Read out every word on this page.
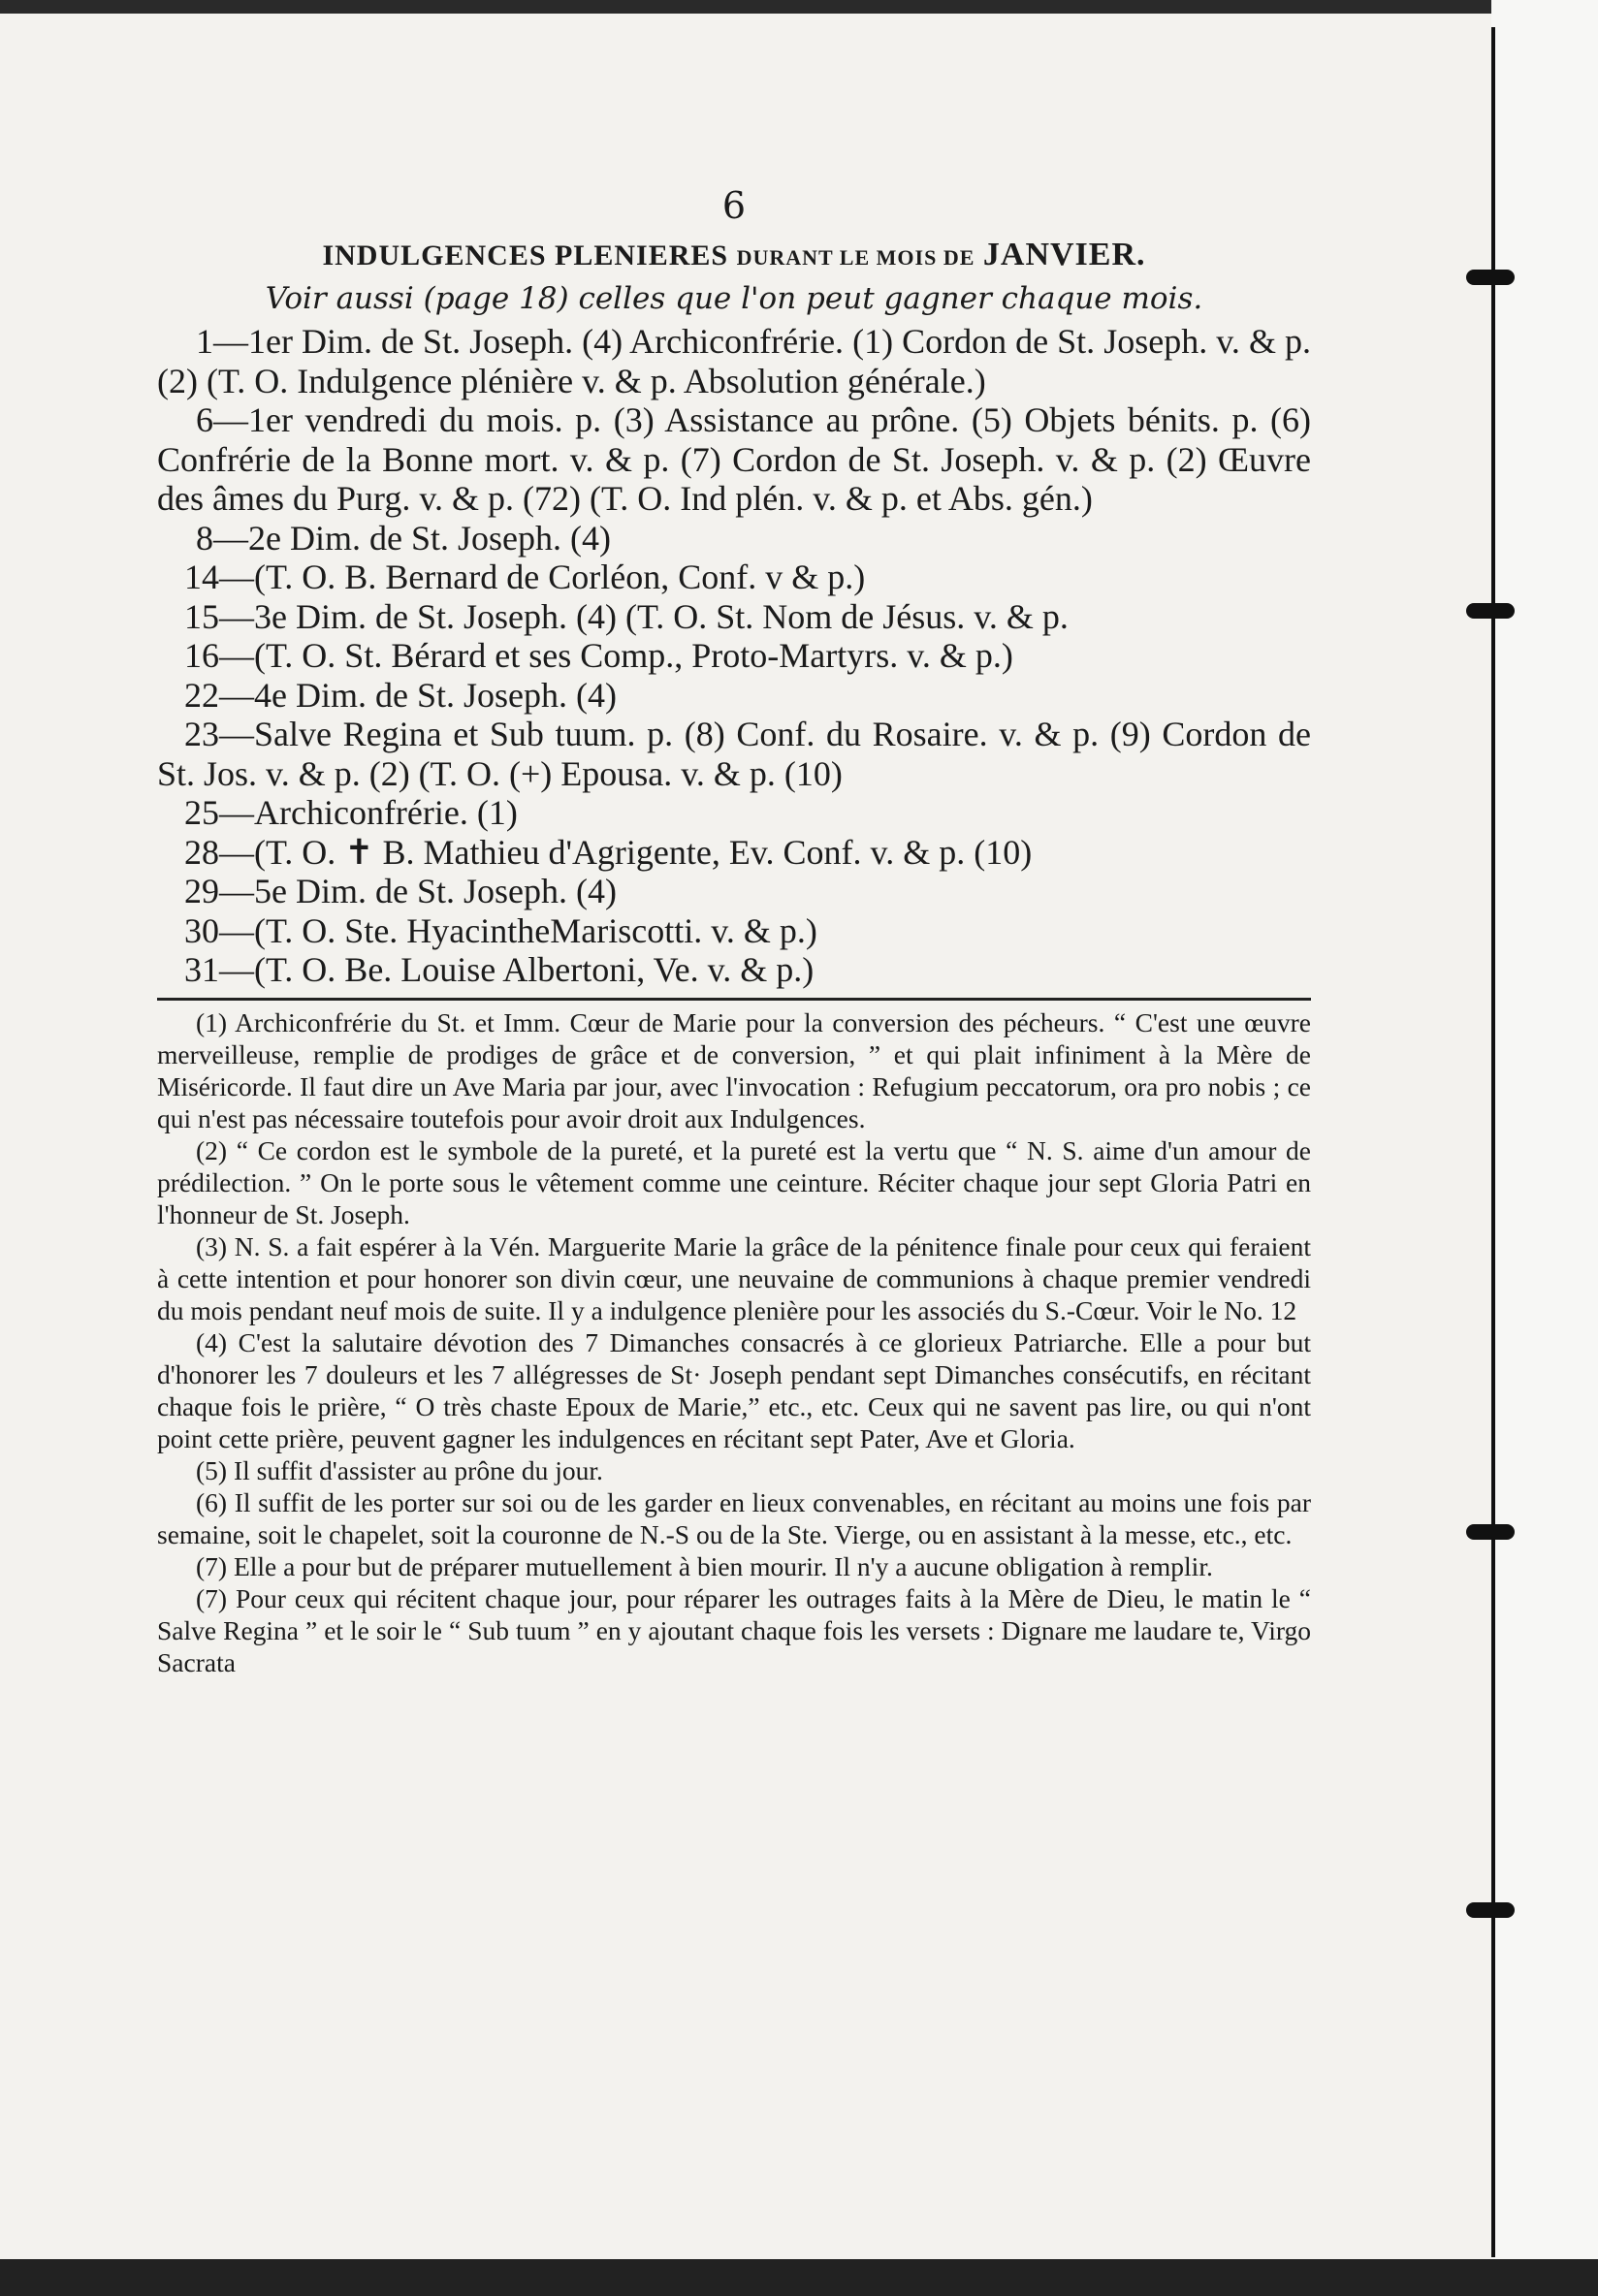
6

INDULGENCES PLENIERES DURANT LE MOIS DE JANVIER.

Voir aussi (page 18) celles que l'on peut gagner chaque mois.

1—1er Dim. de St. Joseph. (4) Archiconfrérie. (1) Cordon de St. Joseph. v. & p. (2) (T. O. Indulgence plénière v. & p. Absolution générale.)

6—1er vendredi du mois. p. (3) Assistance au prône. (5) Objets bénits. p. (6) Confrérie de la Bonne mort. v. & p. (7) Cordon de St. Joseph. v. & p. (2) Œuvre des âmes du Purg. v. & p. (72) (T. O. Ind plén. v. & p. et Abs. gén.)

8—2e Dim. de St. Joseph. (4)

14—(T. O. B. Bernard de Corléon, Conf. v & p.)

15—3e Dim. de St. Joseph. (4) (T. O. St. Nom de Jésus. v. & p.

16—(T. O. St. Bérard et ses Comp., Proto-Martyrs. v. & p.)

22—4e Dim. de St. Joseph. (4)

23—Salve Regina et Sub tuum. p. (8) Conf. du Rosaire. v. & p. (9) Cordon de St. Jos. v. & p. (2) (T. O. (+) Epousa. v. & p. (10)

25—Archiconfrérie. (1)

28—(T. O. ✝ B. Mathieu d'Agrigente, Ev. Conf. v. & p. (10)

29—5e Dim. de St. Joseph. (4)

30—(T. O. Ste. HyacintheMariscotti. v. & p.)

31—(T. O. Be. Louise Albertoni, Ve. v. & p.)

(1) Archiconfrérie du St. et Imm. Cœur de Marie pour la conversion des pécheurs. “ C'est une œuvre merveilleuse, remplie de prodiges de grâce et de conversion, ” et qui plait infiniment à la Mère de Miséricorde. Il faut dire un Ave Maria par jour, avec l'invocation : Refugium peccatorum, ora pro nobis ; ce qui n'est pas nécessaire toutefois pour avoir droit aux Indulgences.

(2) “ Ce cordon est le symbole de la pureté, et la pureté est la vertu que “ N. S. aime d'un amour de prédilection. ” On le porte sous le vêtement comme une ceinture. Réciter chaque jour sept Gloria Patri en l'honneur de St. Joseph.

(3) N. S. a fait espérer à la Vén. Marguerite Marie la grâce de la pénitence finale pour ceux qui feraient à cette intention et pour honorer son divin cœur, une neuvaine de communions à chaque premier vendredi du mois pendant neuf mois de suite. Il y a indulgence plenière pour les associés du S.-Cœur. Voir le No. 12

(4) C'est la salutaire dévotion des 7 Dimanches consacrés à ce glorieux Patriarche. Elle a pour but d'honorer les 7 douleurs et les 7 allégresses de St· Joseph pendant sept Dimanches consécutifs, en récitant chaque fois le prière, “ O très chaste Epoux de Marie,” etc., etc. Ceux qui ne savent pas lire, ou qui n'ont point cette prière, peuvent gagner les indulgences en récitant sept Pater, Ave et Gloria.

(5) Il suffit d'assister au prône du jour.

(6) Il suffit de les porter sur soi ou de les garder en lieux convenables, en récitant au moins une fois par semaine, soit le chapelet, soit la couronne de N.-S ou de la Ste. Vierge, ou en assistant à la messe, etc., etc.

(7) Elle a pour but de préparer mutuellement à bien mourir. Il n'y a aucune obligation à remplir.

(7) Pour ceux qui récitent chaque jour, pour réparer les outrages faits à la Mère de Dieu, le matin le “ Salve Regina ” et le soir le “ Sub tuum ” en y ajoutant chaque fois les versets : Dignare me laudare te, Virgo Sacrata
